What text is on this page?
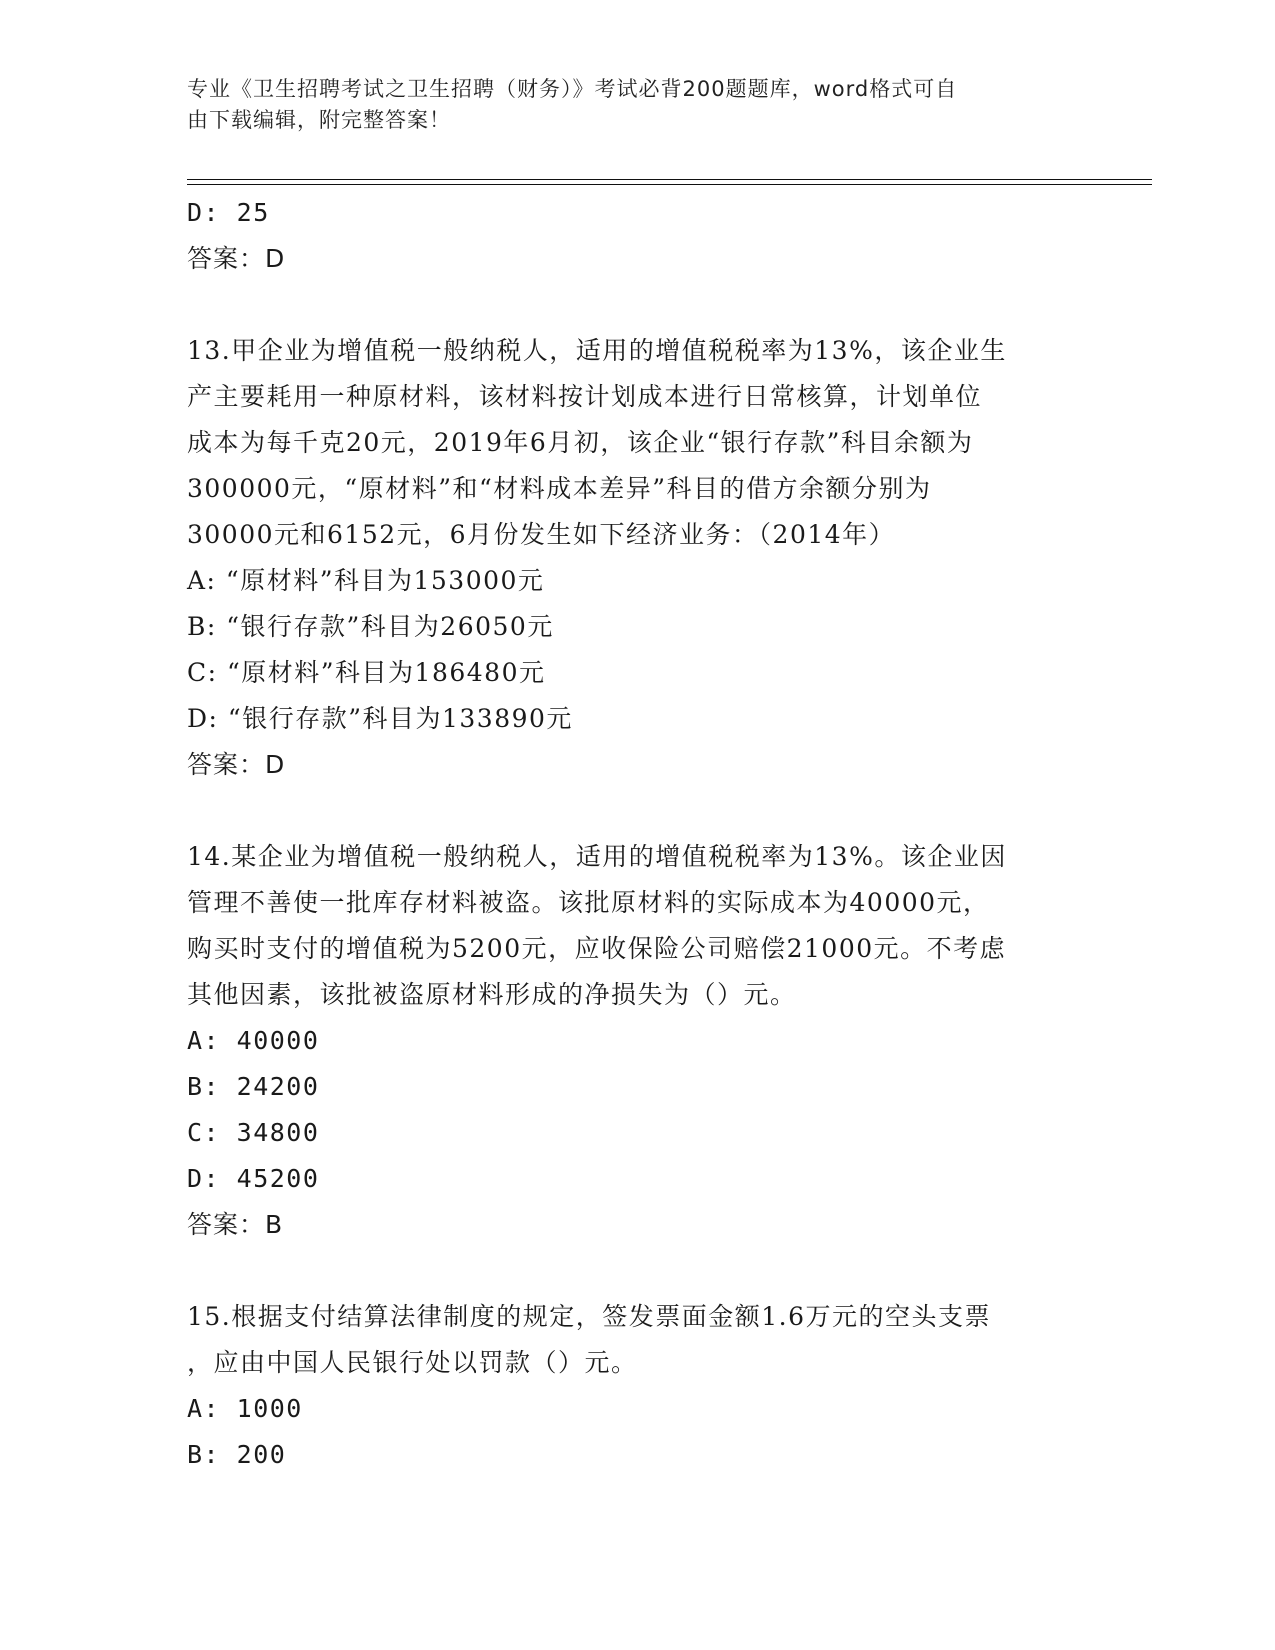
专业《卫生招聘考试之卫生招聘（财务）》考试必背200题题库，word格式可自
由下载编辑，附完整答案！
D: 25
答案：D
13.甲企业为增值税一般纳税人，适用的增值税税率为13%，该企业生
产主要耗用一种原材料，该材料按计划成本进行日常核算，计划单位
成本为每千克20元，2019年6月初，该企业“银行存款”科目余额为
300000元，“原材料”和“材料成本差异”科目的借方余额分别为
30000元和6152元，6月份发生如下经济业务：（2014年）
A: “原材料”科目为153000元
B: “银行存款”科目为26050元
C: “原材料”科目为186480元
D: “银行存款”科目为133890元
答案：D
14.某企业为增值税一般纳税人，适用的增值税税率为13%。该企业因
管理不善使一批库存材料被盗。该批原材料的实际成本为40000元，
购买时支付的增值税为5200元，应收保险公司赔偿21000元。不考虑
其他因素，该批被盗原材料形成的净损失为（）元。
A: 40000
B: 24200
C: 34800
D: 45200
答案：B
15.根据支付结算法律制度的规定，签发票面金额1.6万元的空头支票
，应由中国人民银行处以罚款（）元。
A: 1000
B: 200
